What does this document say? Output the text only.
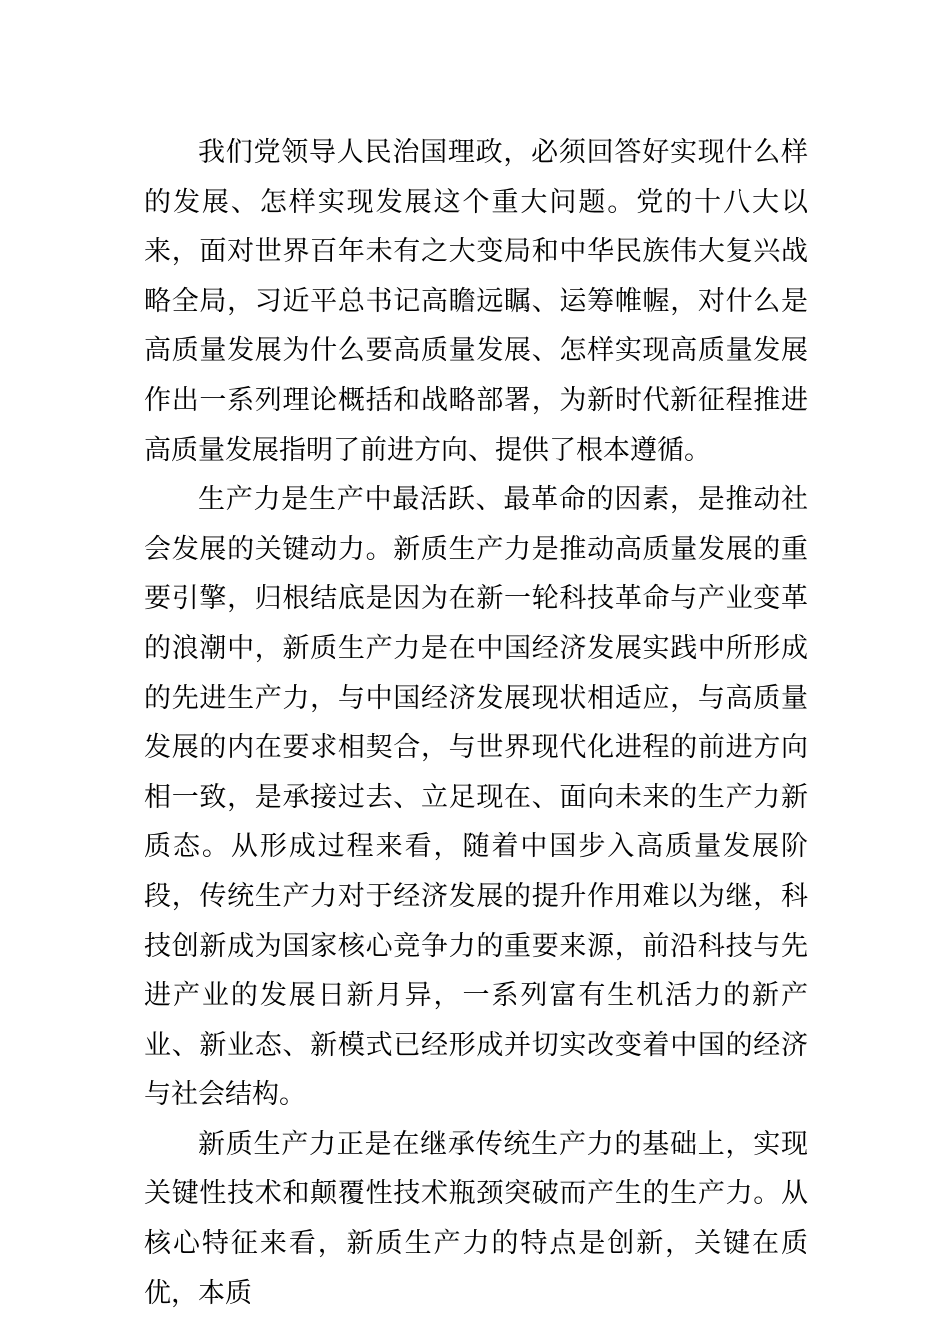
我们党领导人民治国理政，必须回答好实现什么样的发展、怎样实现发展这个重大问题。党的十八大以来，面对世界百年未有之大变局和中华民族伟大复兴战略全局，习近平总书记高瞻远瞩、运筹帷幄，对什么是高质量发展为什么要高质量发展、怎样实现高质量发展作出一系列理论概括和战略部署，为新时代新征程推进高质量发展指明了前进方向、提供了根本遵循。

生产力是生产中最活跃、最革命的因素，是推动社会发展的关键动力。新质生产力是推动高质量发展的重要引擎，归根结底是因为在新一轮科技革命与产业变革的浪潮中，新质生产力是在中国经济发展实践中所形成的先进生产力，与中国经济发展现状相适应，与高质量发展的内在要求相契合，与世界现代化进程的前进方向相一致，是承接过去、立足现在、面向未来的生产力新质态。从形成过程来看，随着中国步入高质量发展阶段，传统生产力对于经济发展的提升作用难以为继，科技创新成为国家核心竞争力的重要来源，前沿科技与先进产业的发展日新月异，一系列富有生机活力的新产业、新业态、新模式已经形成并切实改变着中国的经济与社会结构。

新质生产力正是在继承传统生产力的基础上，实现关键性技术和颠覆性技术瓶颈突破而产生的生产力。从核心特征来看，新质生产力的特点是创新，关键在质优，本质
